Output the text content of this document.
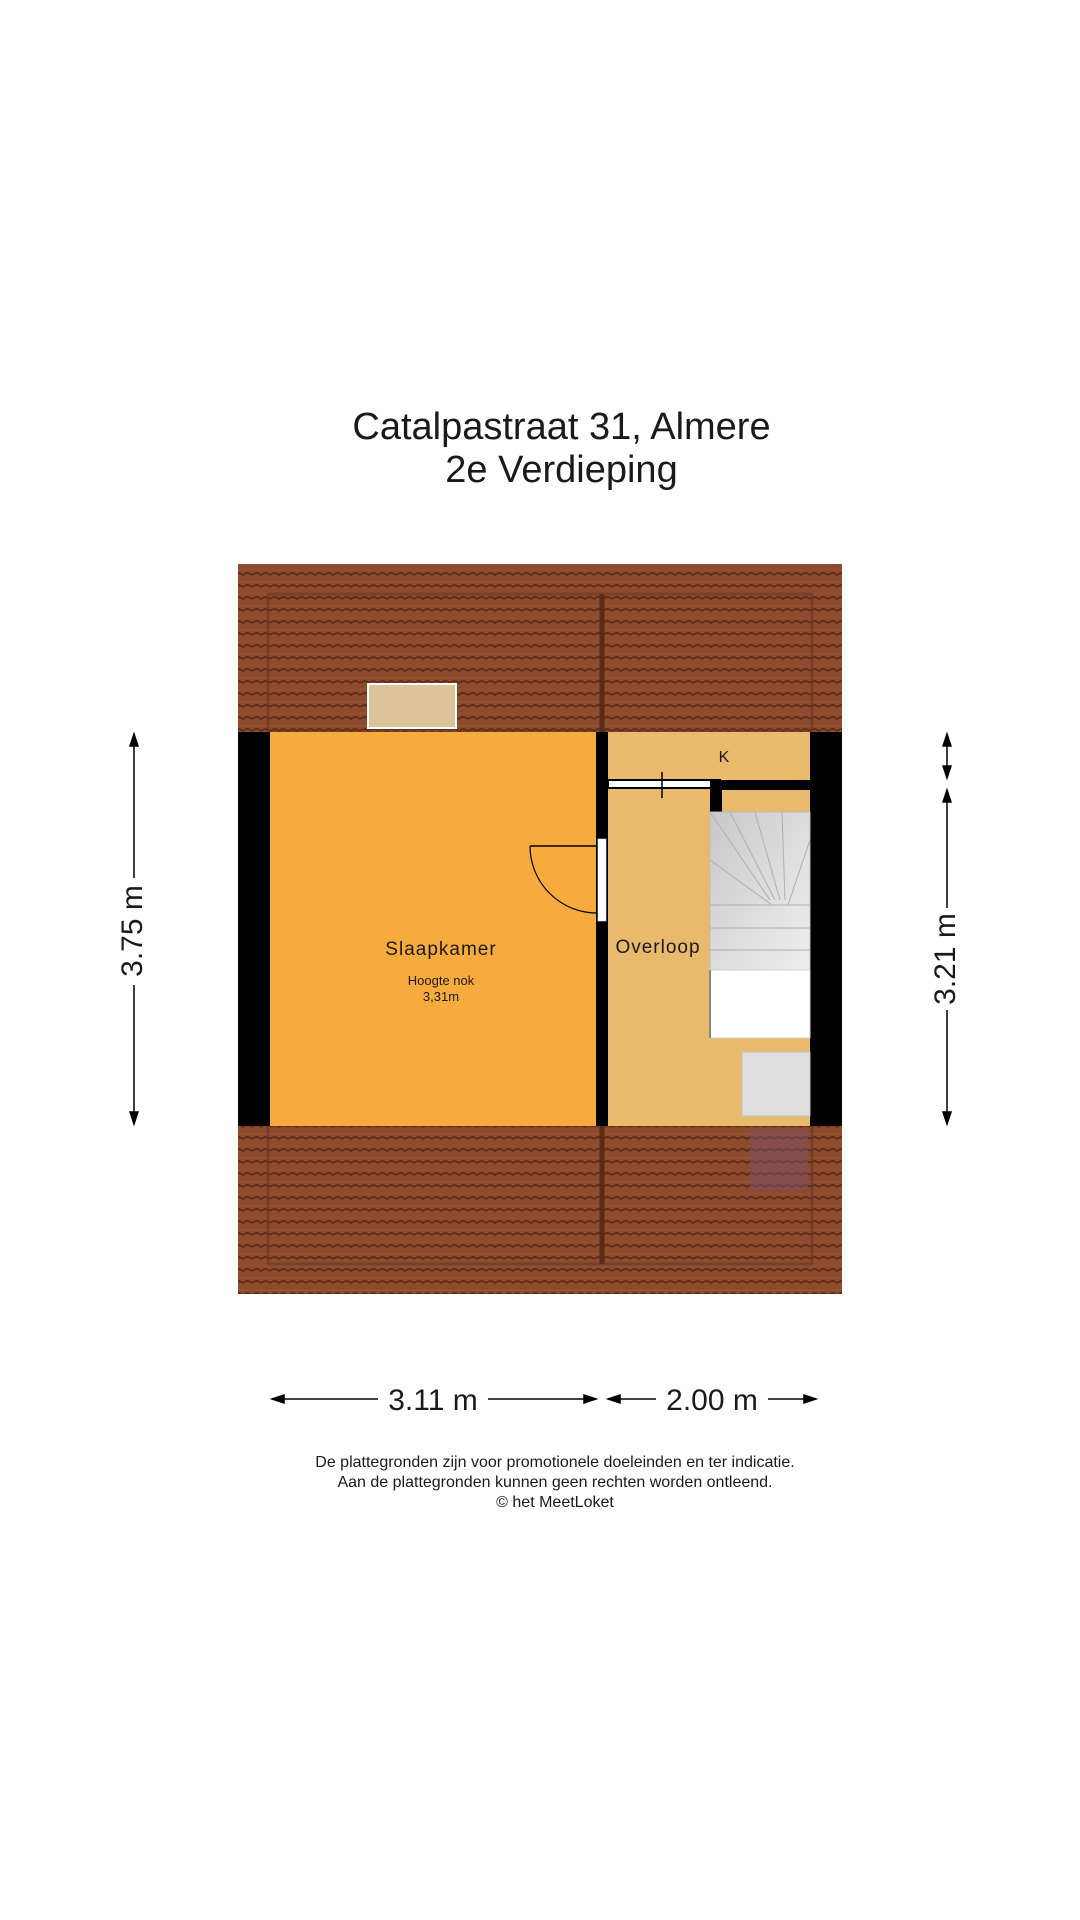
Catalpastraat 31, Almere
2e Verdieping
Slaapkamer
Hoogte nok
3,31m
Overloop
K
3.75 m	3.21 m
3.11 m	2.00 m
De plattegronden zijn voor promotionele doeleinden en ter indicatie.
Aan de plattegronden kunnen geen rechten worden ontleend.
© het MeetLoket
